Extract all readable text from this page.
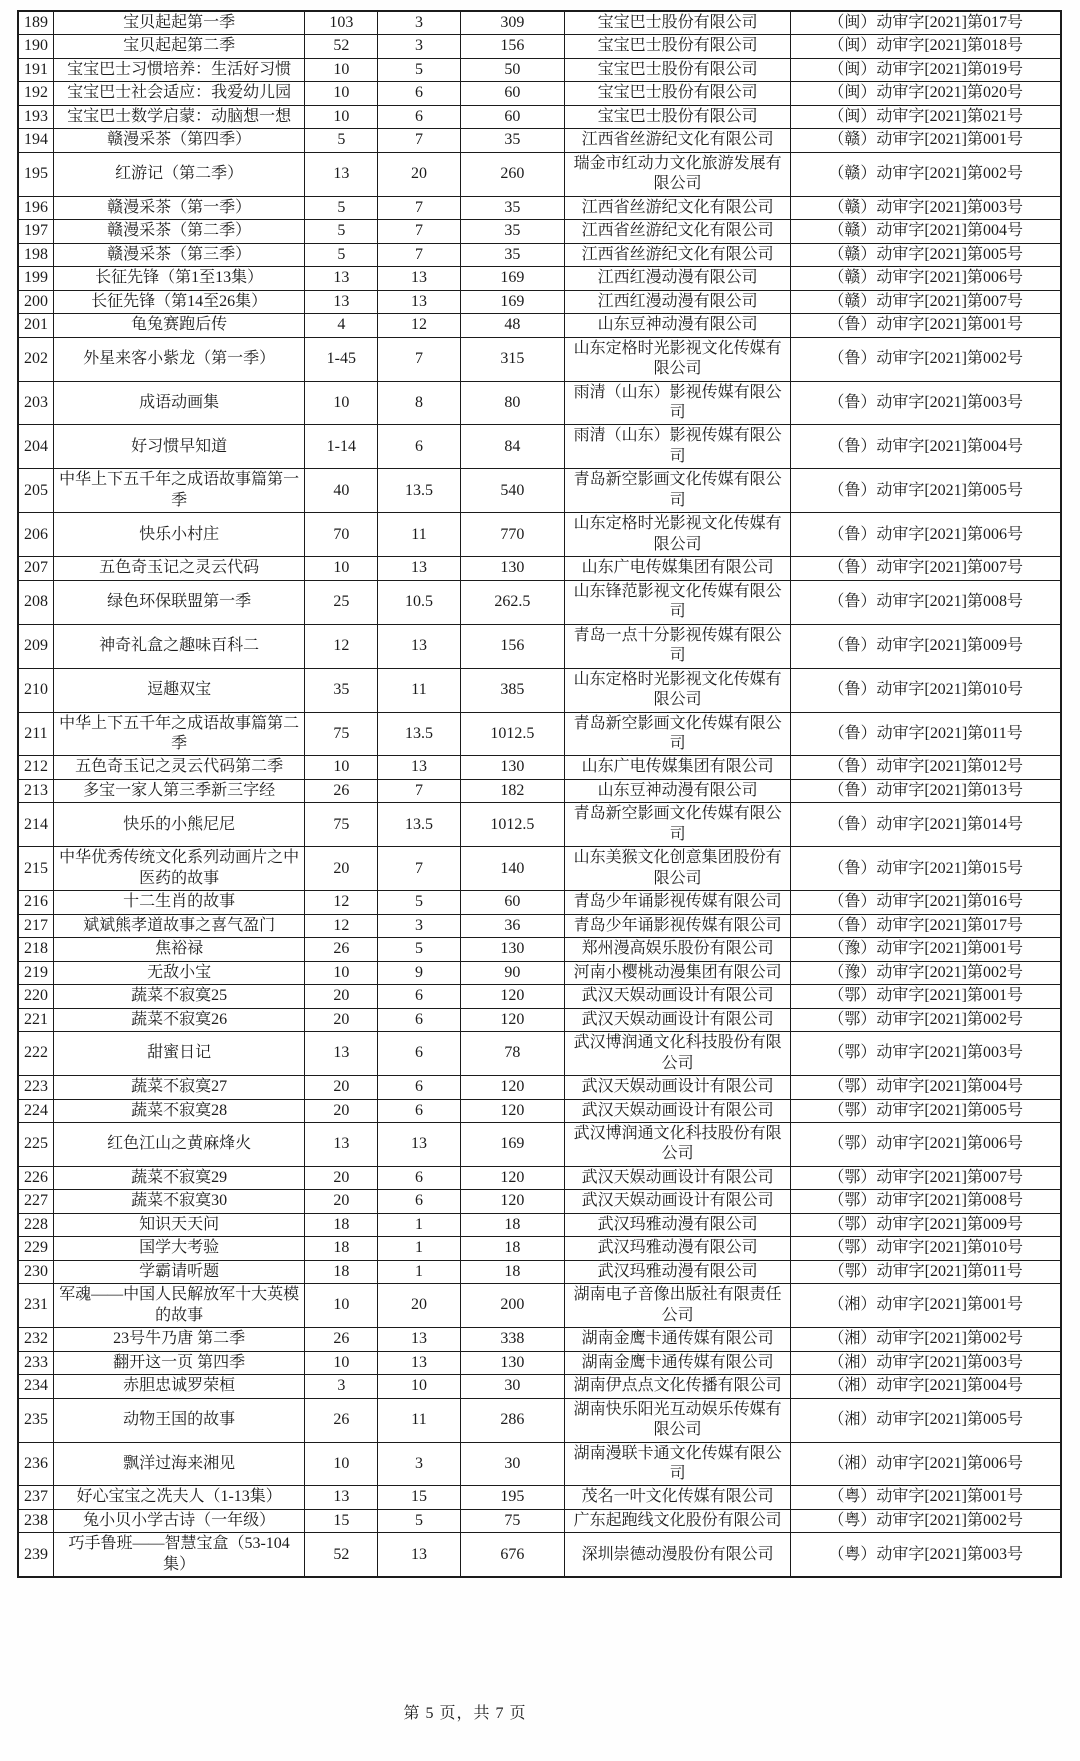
189	宝贝起起第一季	103	3	309	宝宝巴士股份有限公司	（闽）动审字[2021]第017号
190	宝贝起起第二季	52	3	156	宝宝巴士股份有限公司	（闽）动审字[2021]第018号
191	宝宝巴士习惯培养：生活好习惯	10	5	50	宝宝巴士股份有限公司	（闽）动审字[2021]第019号
192	宝宝巴士社会适应：我爱幼儿园	10	6	60	宝宝巴士股份有限公司	（闽）动审字[2021]第020号
193	宝宝巴士数学启蒙：动脑想一想	10	6	60	宝宝巴士股份有限公司	（闽）动审字[2021]第021号
194	赣漫采茶（第四季）	5	7	35	江西省丝游纪文化有限公司	（赣）动审字[2021]第001号
195	红游记（第二季）	13	20	260	瑞金市红动力文化旅游发展有限公司	（赣）动审字[2021]第002号
196	赣漫采茶（第一季）	5	7	35	江西省丝游纪文化有限公司	（赣）动审字[2021]第003号
197	赣漫采茶（第二季）	5	7	35	江西省丝游纪文化有限公司	（赣）动审字[2021]第004号
198	赣漫采茶（第三季）	5	7	35	江西省丝游纪文化有限公司	（赣）动审字[2021]第005号
199	长征先锋（第1至13集）	13	13	169	江西红漫动漫有限公司	（赣）动审字[2021]第006号
200	长征先锋（第14至26集）	13	13	169	江西红漫动漫有限公司	（赣）动审字[2021]第007号
201	龟兔赛跑后传	4	12	48	山东豆神动漫有限公司	（鲁）动审字[2021]第001号
202	外星来客小紫龙（第一季）	1-45	7	315	山东定格时光影视文化传媒有限公司	（鲁）动审字[2021]第002号
203	成语动画集	10	8	80	雨清（山东）影视传媒有限公司	（鲁）动审字[2021]第003号
204	好习惯早知道	1-14	6	84	雨清（山东）影视传媒有限公司	（鲁）动审字[2021]第004号
205	中华上下五千年之成语故事篇第一季	40	13.5	540	青岛新空影画文化传媒有限公司	（鲁）动审字[2021]第005号
206	快乐小村庄	70	11	770	山东定格时光影视文化传媒有限公司	（鲁）动审字[2021]第006号
207	五色奇玉记之灵云代码	10	13	130	山东广电传媒集团有限公司	（鲁）动审字[2021]第007号
208	绿色环保联盟第一季	25	10.5	262.5	山东锋范影视文化传媒有限公司	（鲁）动审字[2021]第008号
209	神奇礼盒之趣味百科二	12	13	156	青岛一点十分影视传媒有限公司	（鲁）动审字[2021]第009号
210	逗趣双宝	35	11	385	山东定格时光影视文化传媒有限公司	（鲁）动审字[2021]第010号
211	中华上下五千年之成语故事篇第二季	75	13.5	1012.5	青岛新空影画文化传媒有限公司	（鲁）动审字[2021]第011号
212	五色奇玉记之灵云代码第二季	10	13	130	山东广电传媒集团有限公司	（鲁）动审字[2021]第012号
213	多宝一家人第三季新三字经	26	7	182	山东豆神动漫有限公司	（鲁）动审字[2021]第013号
214	快乐的小熊尼尼	75	13.5	1012.5	青岛新空影画文化传媒有限公司	（鲁）动审字[2021]第014号
215	中华优秀传统文化系列动画片之中医药的故事	20	7	140	山东美猴文化创意集团股份有限公司	（鲁）动审字[2021]第015号
216	十二生肖的故事	12	5	60	青岛少年诵影视传媒有限公司	（鲁）动审字[2021]第016号
217	斌斌熊孝道故事之喜气盈门	12	3	36	青岛少年诵影视传媒有限公司	（鲁）动审字[2021]第017号
218	焦裕禄	26	5	130	郑州漫高娱乐股份有限公司	（豫）动审字[2021]第001号
219	无敌小宝	10	9	90	河南小樱桃动漫集团有限公司	（豫）动审字[2021]第002号
220	蔬菜不寂寞25	20	6	120	武汉天娱动画设计有限公司	（鄂）动审字[2021]第001号
221	蔬菜不寂寞26	20	6	120	武汉天娱动画设计有限公司	（鄂）动审字[2021]第002号
222	甜蜜日记	13	6	78	武汉博润通文化科技股份有限公司	（鄂）动审字[2021]第003号
223	蔬菜不寂寞27	20	6	120	武汉天娱动画设计有限公司	（鄂）动审字[2021]第004号
224	蔬菜不寂寞28	20	6	120	武汉天娱动画设计有限公司	（鄂）动审字[2021]第005号
225	红色江山之黄麻烽火	13	13	169	武汉博润通文化科技股份有限公司	（鄂）动审字[2021]第006号
226	蔬菜不寂寞29	20	6	120	武汉天娱动画设计有限公司	（鄂）动审字[2021]第007号
227	蔬菜不寂寞30	20	6	120	武汉天娱动画设计有限公司	（鄂）动审字[2021]第008号
228	知识天天问	18	1	18	武汉玛雅动漫有限公司	（鄂）动审字[2021]第009号
229	国学大考验	18	1	18	武汉玛雅动漫有限公司	（鄂）动审字[2021]第010号
230	学霸请听题	18	1	18	武汉玛雅动漫有限公司	（鄂）动审字[2021]第011号
231	军魂——中国人民解放军十大英模的故事	10	20	200	湖南电子音像出版社有限责任公司	（湘）动审字[2021]第001号
232	23号牛乃唐 第二季	26	13	338	湖南金鹰卡通传媒有限公司	（湘）动审字[2021]第002号
233	翻开这一页 第四季	10	13	130	湖南金鹰卡通传媒有限公司	（湘）动审字[2021]第003号
234	赤胆忠诚罗荣桓	3	10	30	湖南伊点点文化传播有限公司	（湘）动审字[2021]第004号
235	动物王国的故事	26	11	286	湖南快乐阳光互动娱乐传媒有限公司	（湘）动审字[2021]第005号
236	飘洋过海来湘见	10	3	30	湖南漫联卡通文化传媒有限公司	（湘）动审字[2021]第006号
237	好心宝宝之冼夫人（1-13集）	13	15	195	茂名一叶文化传媒有限公司	（粤）动审字[2021]第001号
238	兔小贝小学古诗（一年级）	15	5	75	广东起跑线文化股份有限公司	（粤）动审字[2021]第002号
239	巧手鲁班——智慧宝盒（53-104集）	52	13	676	深圳崇德动漫股份有限公司	（粤）动审字[2021]第003号
第 5 页，共 7 页
